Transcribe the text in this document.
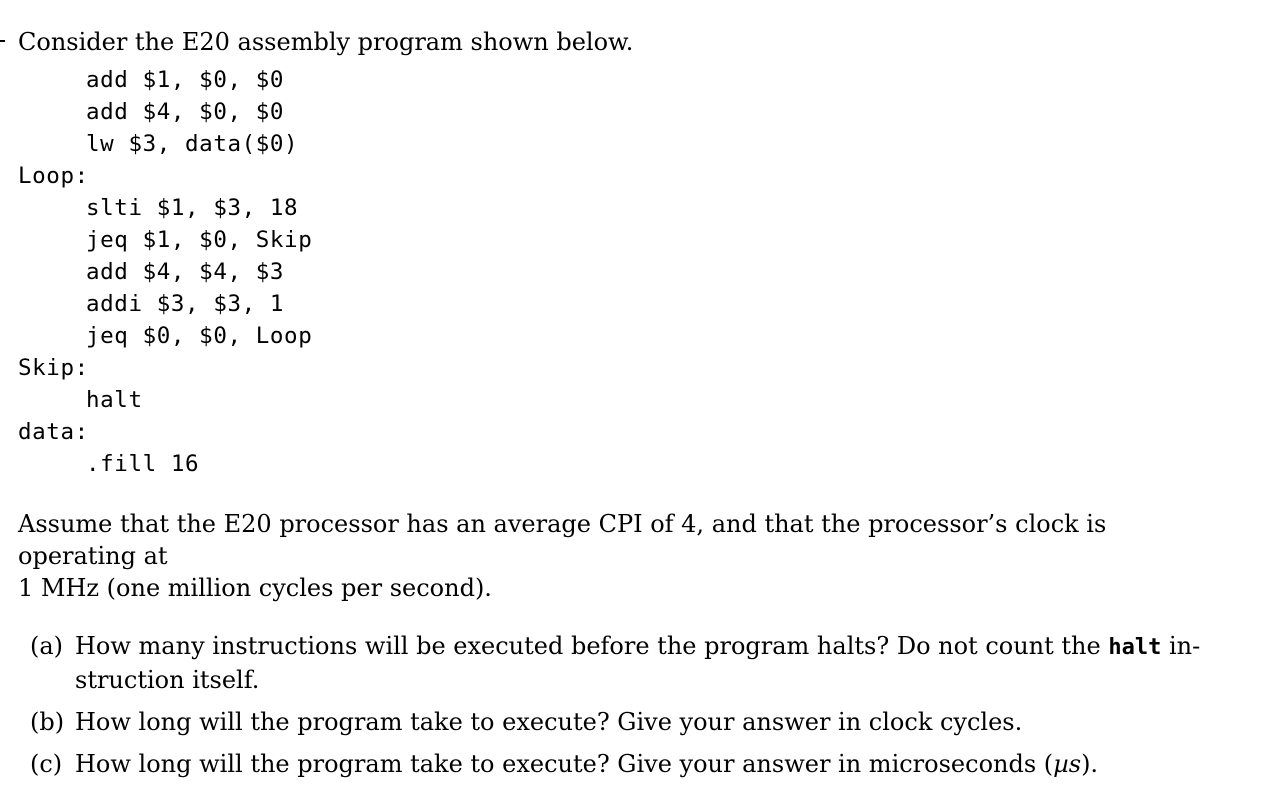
Consider the E20 assembly program shown below.

add $1, $0, $0
add $4, $0, $0
lw $3, data($0)
Loop:
slti $1, $3, 18
jeq $1, $0, Skip
add $4, $4, $3
addi $3, $3, 1
jeq $0, $0, Loop
Skip:
halt
data:
.fill 16

Assume that the E20 processor has an average CPI of 4, and that the processor’s clock is operating at
1 MHz (one million cycles per second).

(a) How many instructions will be executed before the program halts? Do not count the halt in-
struction itself.
(b) How long will the program take to execute? Give your answer in clock cycles.
(c) How long will the program take to execute? Give your answer in microseconds (µs).
